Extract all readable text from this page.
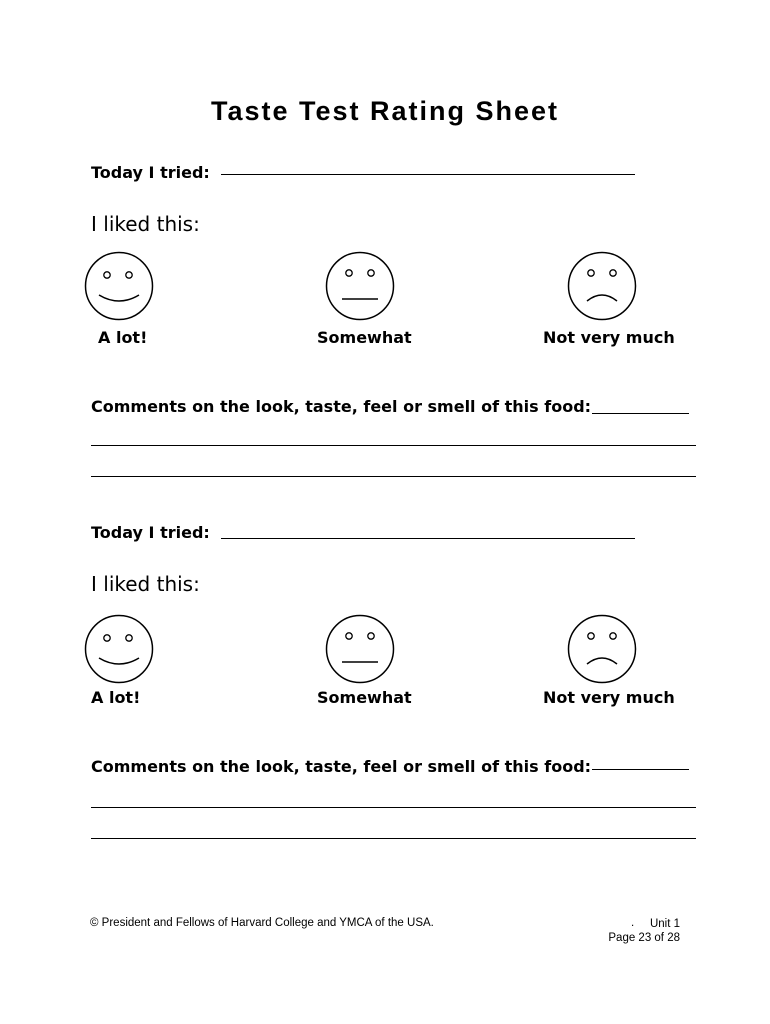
Taste Test Rating Sheet
Today I tried:
I liked this:
A lot!	Somewhat	Not very much
Comments on the look, taste, feel or smell of this food:
Today I tried:
I liked this:
A lot!	Somewhat	Not very much
Comments on the look, taste, feel or smell of this food:
© President and Fellows of Harvard College and YMCA of the USA.	.	Unit 1
Page 23 of 28
